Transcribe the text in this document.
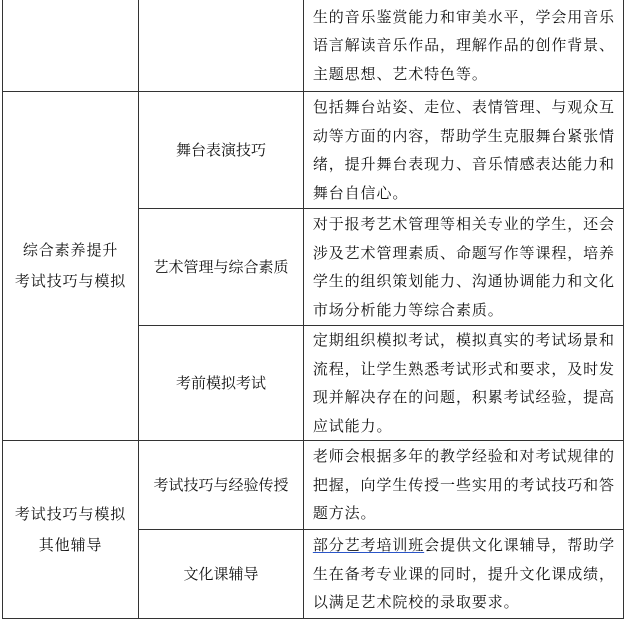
		生的音乐鉴赏能力和审美水平，学会用音乐
语言解读音乐作品，理解作品的创作背景、
主题思想、艺术特色等。

综合素养提升
考试技巧与模拟	舞台表演技巧	包括舞台站姿、走位、表情管理、与观众互
动等方面的内容，帮助学生克服舞台紧张情
绪，提升舞台表现力、音乐情感表达能力和
舞台自信心。

	艺术管理与综合素质	对于报考艺术管理等相关专业的学生，还会
涉及艺术管理素质、命题写作等课程，培养
学生的组织策划能力、沟通协调能力和文化
市场分析能力等综合素质。

	考前模拟考试	定期组织模拟考试，模拟真实的考试场景和
流程，让学生熟悉考试形式和要求，及时发
现并解决存在的问题，积累考试经验，提高
应试能力。

考试技巧与模拟
其他辅导	考试技巧与经验传授	老师会根据多年的教学经验和对考试规律的
把握，向学生传授一些实用的考试技巧和答
题方法。

	文化课辅导	部分艺考培训班会提供文化课辅导，帮助学
生在备考专业课的同时，提升文化课成绩，
以满足艺术院校的录取要求。
